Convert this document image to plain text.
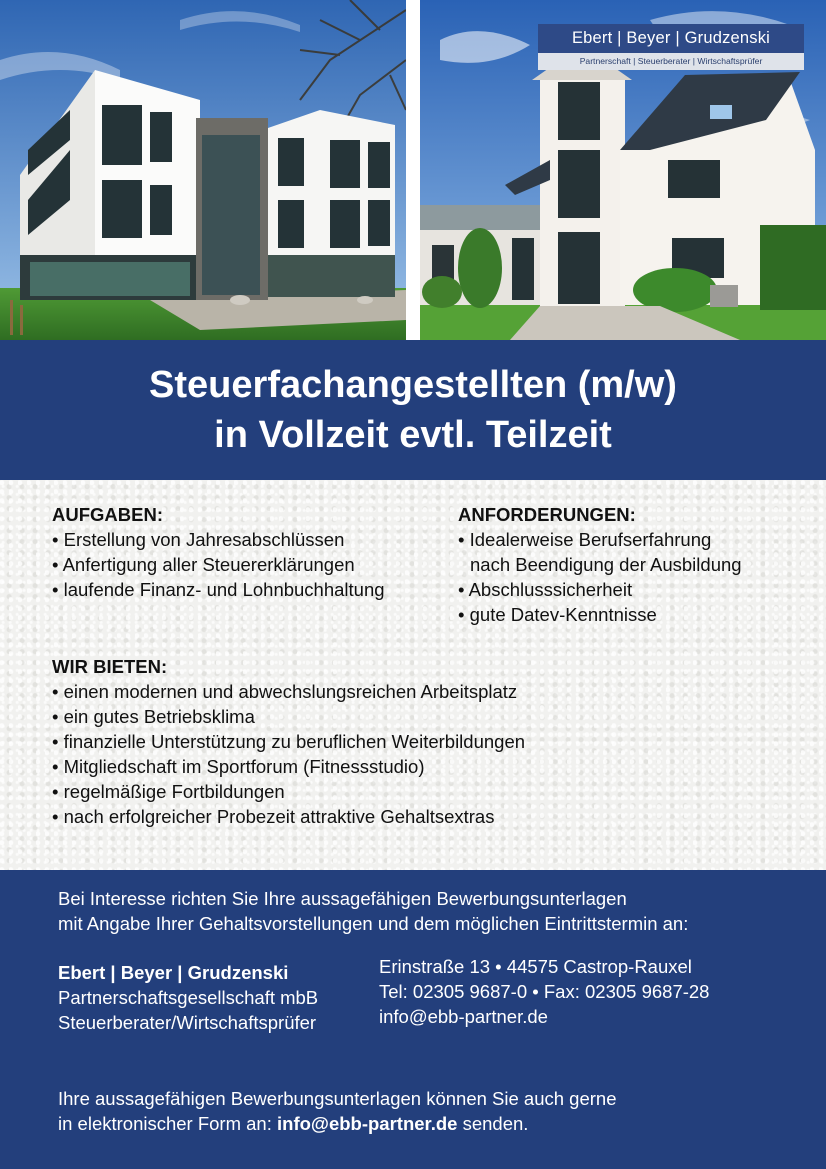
Ebert | Beyer | Grudzenski
Partnerschaft | Steuerberater | Wirtschaftsprüfer
Steuerfachangestellten (m/w)
in Vollzeit evtl. Teilzeit
AUFGABEN:
• Erstellung von Jahresabschlüssen
• Anfertigung aller Steuererklärungen
• laufende Finanz- und Lohnbuchhaltung
ANFORDERUNGEN:
• Idealerweise Berufserfahrung
nach Beendigung der Ausbildung
• Abschlusssicherheit
• gute Datev-Kenntnisse
WIR BIETEN:
• einen modernen und abwechslungsreichen Arbeitsplatz
• ein gutes Betriebsklima
• finanzielle Unterstützung zu beruflichen Weiterbildungen
• Mitgliedschaft im Sportforum (Fitnessstudio)
• regelmäßige Fortbildungen
• nach erfolgreicher Probezeit attraktive Gehaltsextras
Bei Interesse richten Sie Ihre aussagefähigen Bewerbungsunterlagen
mit Angabe Ihrer Gehaltsvorstellungen und dem möglichen Eintrittstermin an:
Ebert | Beyer | Grudzenski
Partnerschaftsgesellschaft mbB
Steuerberater/Wirtschaftsprüfer
Erinstraße 13 • 44575 Castrop-Rauxel
Tel: 02305 9687-0 • Fax: 02305 9687-28
info@ebb-partner.de
Ihre aussagefähigen Bewerbungsunterlagen können Sie auch gerne
in elektronischer Form an: info@ebb-partner.de senden.
